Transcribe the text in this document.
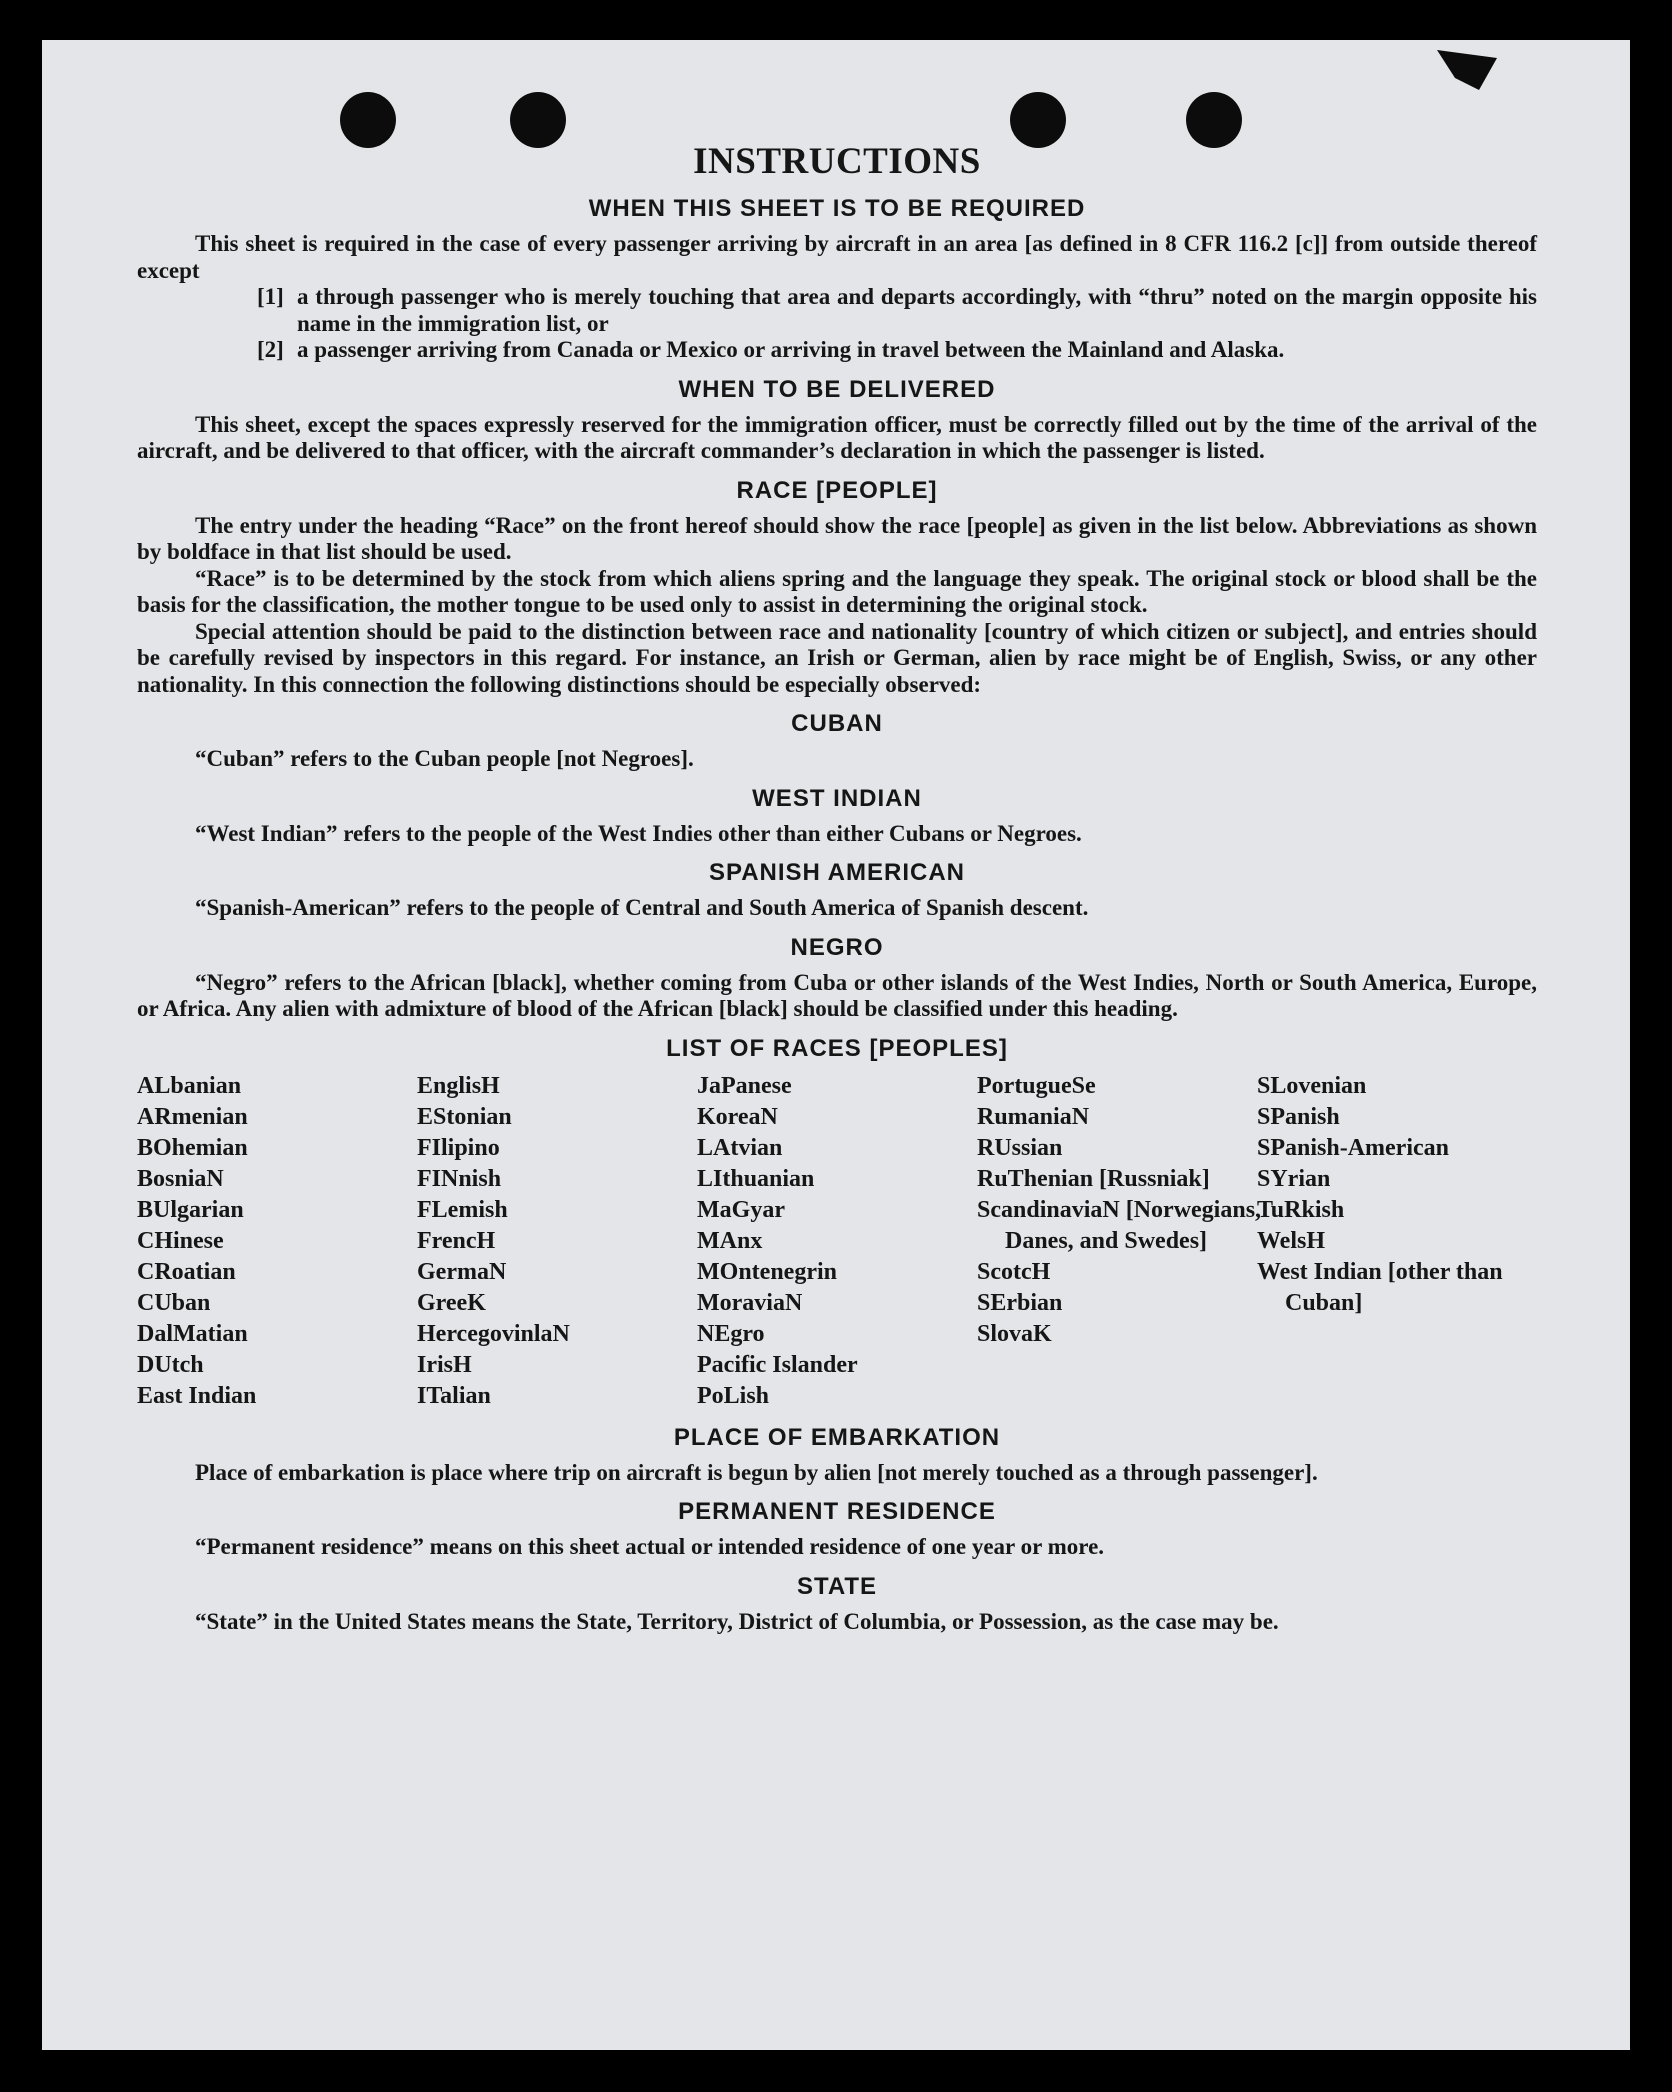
INSTRUCTIONS
WHEN THIS SHEET IS TO BE REQUIRED

This sheet is required in the case of every passenger arriving by aircraft in an area [as defined in 8 CFR 116.2 [c]] from outside thereof except

[1] a through passenger who is merely touching that area and departs accordingly, with “thru” noted on the margin opposite his name in the immigration list, or
[2] a passenger arriving from Canada or Mexico or arriving in travel between the Mainland and Alaska.
WHEN TO BE DELIVERED

This sheet, except the spaces expressly reserved for the immigration officer, must be correctly filled out by the time of the arrival of the aircraft, and be delivered to that officer, with the aircraft commander’s declaration in which the passenger is listed.

RACE [PEOPLE]

The entry under the heading “Race” on the front hereof should show the race [people] as given in the list below. Abbreviations as shown by boldface in that list should be used.

“Race” is to be determined by the stock from which aliens spring and the language they speak. The original stock or blood shall be the basis for the classification, the mother tongue to be used only to assist in determining the original stock.

Special attention should be paid to the distinction between race and nationality [country of which citizen or subject], and entries should be carefully revised by inspectors in this regard. For instance, an Irish or German, alien by race might be of English, Swiss, or any other nationality. In this connection the following distinctions should be especially observed:

CUBAN

“Cuban” refers to the Cuban people [not Negroes].

WEST INDIAN

“West Indian” refers to the people of the West Indies other than either Cubans or Negroes.

SPANISH AMERICAN

“Spanish-American” refers to the people of Central and South America of Spanish descent.

NEGRO

“Negro” refers to the African [black], whether coming from Cuba or other islands of the West Indies, North or South America, Europe, or Africa. Any alien with admixture of blood of the African [black] should be classified under this heading.

LIST OF RACES [PEOPLES]
ALbanian
ARmenian
BOhemian
BosniaN
BUlgarian
CHinese
CRoatian
CUban
DalMatian
DUtch
East Indian
EnglisH
EStonian
FIlipino
FINnish
FLemish
FrencH
GermaN
GreeK
HercegovinlaN
IrisH
ITalian
JaPanese
KoreaN
LAtvian
LIthuanian
MaGyar
MAnx
MOntenegrin
MoraviaN
NEgro
Pacific Islander
PoLish
PortugueSe
RumaniaN
RUssian
RuThenian [Russniak]
ScandinaviaN [Norwegians, Danes, and Swedes]
ScotcH
SErbian
SlovaK
SLovenian
SPanish
SPanish-American
SYrian
TuRkish
WelsH
West Indian [other than Cuban]
PLACE OF EMBARKATION

Place of embarkation is place where trip on aircraft is begun by alien [not merely touched as a through passenger].

PERMANENT RESIDENCE

“Permanent residence” means on this sheet actual or intended residence of one year or more.

STATE

“State” in the United States means the State, Territory, District of Columbia, or Possession, as the case may be.
